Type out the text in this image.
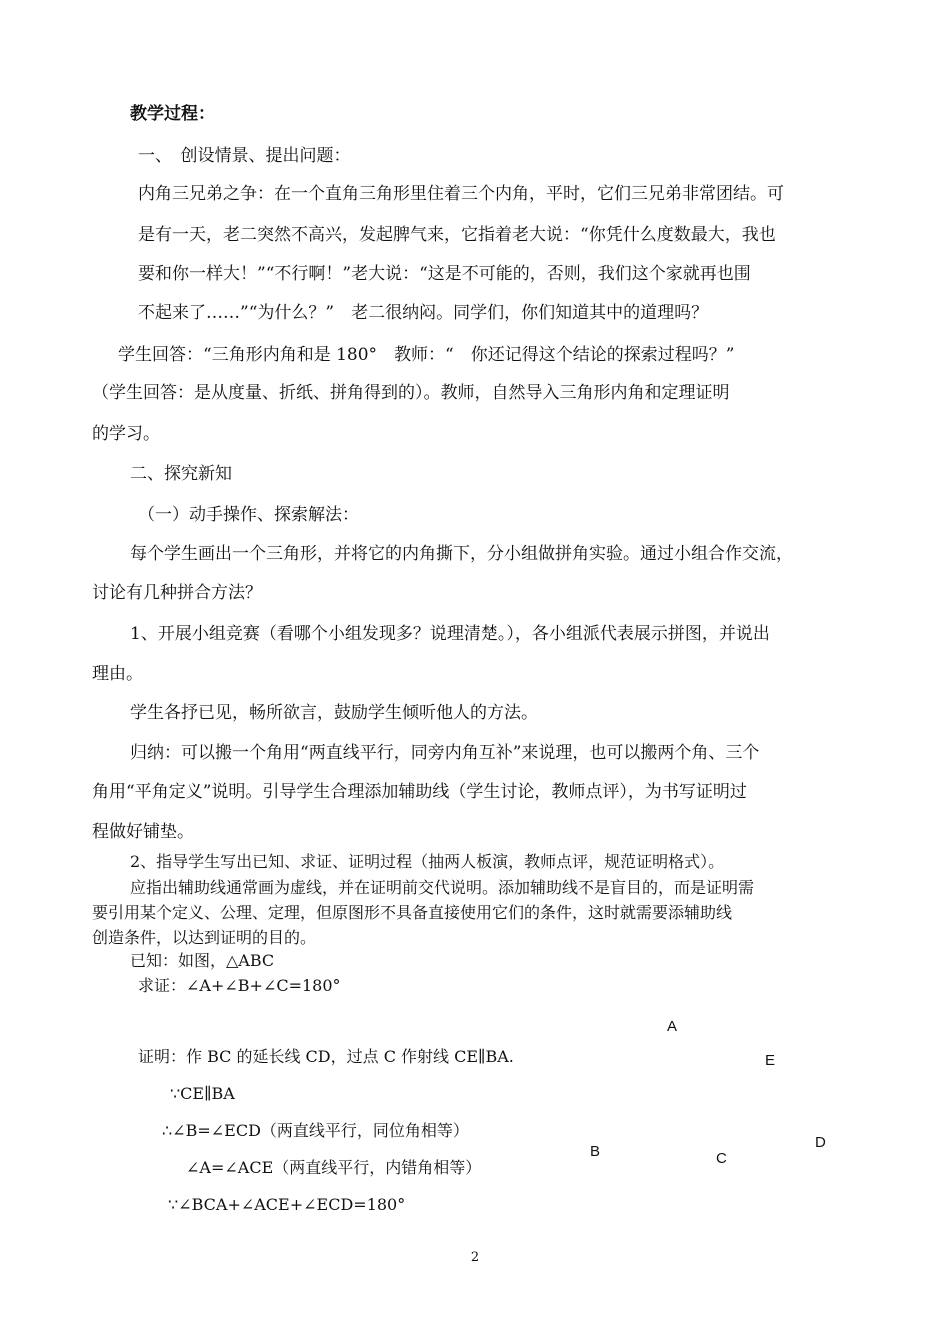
教学过程：
一、　创设情景、提出问题：
内角三兄弟之争：在一个直角三角形里住着三个内角，平时，它们三兄弟非常团结。可
是有一天，老二突然不高兴，发起脾气来，它指着老大说：“你凭什么度数最大，我也
要和你一样大！”“不行啊！”老大说：“这是不可能的，否则，我们这个家就再也围
不起来了……”“为什么？”　老二很纳闷。同学们，你们知道其中的道理吗？
学生回答：“三角形内角和是 180°　教师：“　你还记得这个结论的探索过程吗？”
（学生回答：是从度量、折纸、拼角得到的）。教师，自然导入三角形内角和定理证明
的学习。
二、探究新知
（一）动手操作、探索解法：
每个学生画出一个三角形，并将它的内角撕下，分小组做拼角实验。通过小组合作交流，
讨论有几种拼合方法？
1、开展小组竞赛（看哪个小组发现多？说理清楚。），各小组派代表展示拼图，并说出
理由。
学生各抒已见，畅所欲言，鼓励学生倾听他人的方法。
归纳：可以搬一个角用“两直线平行，同旁内角互补”来说理，也可以搬两个角、三个
角用“平角定义”说明。引导学生合理添加辅助线（学生讨论，教师点评），为书写证明过
程做好铺垫。
2、指导学生写出已知、求证、证明过程（抽两人板演，教师点评，规范证明格式）。
应指出辅助线通常画为虚线，并在证明前交代说明。添加辅助线不是盲目的，而是证明需
要引用某个定义、公理、定理，但原图形不具备直接使用它们的条件，这时就需要添辅助线
创造条件，以达到证明的目的。
已知：如图，△ABC
求证：∠A+∠B+∠C=180°
证明：作 BC 的延长线 CD，过点 C 作射线 CE∥BA.
∵CE∥BA
∴∠B=∠ECD（两直线平行，同位角相等）
∠A=∠ACE（两直线平行，内错角相等）
∵∠BCA+∠ACE+∠ECD=180°
A
E
D
B	C
2
